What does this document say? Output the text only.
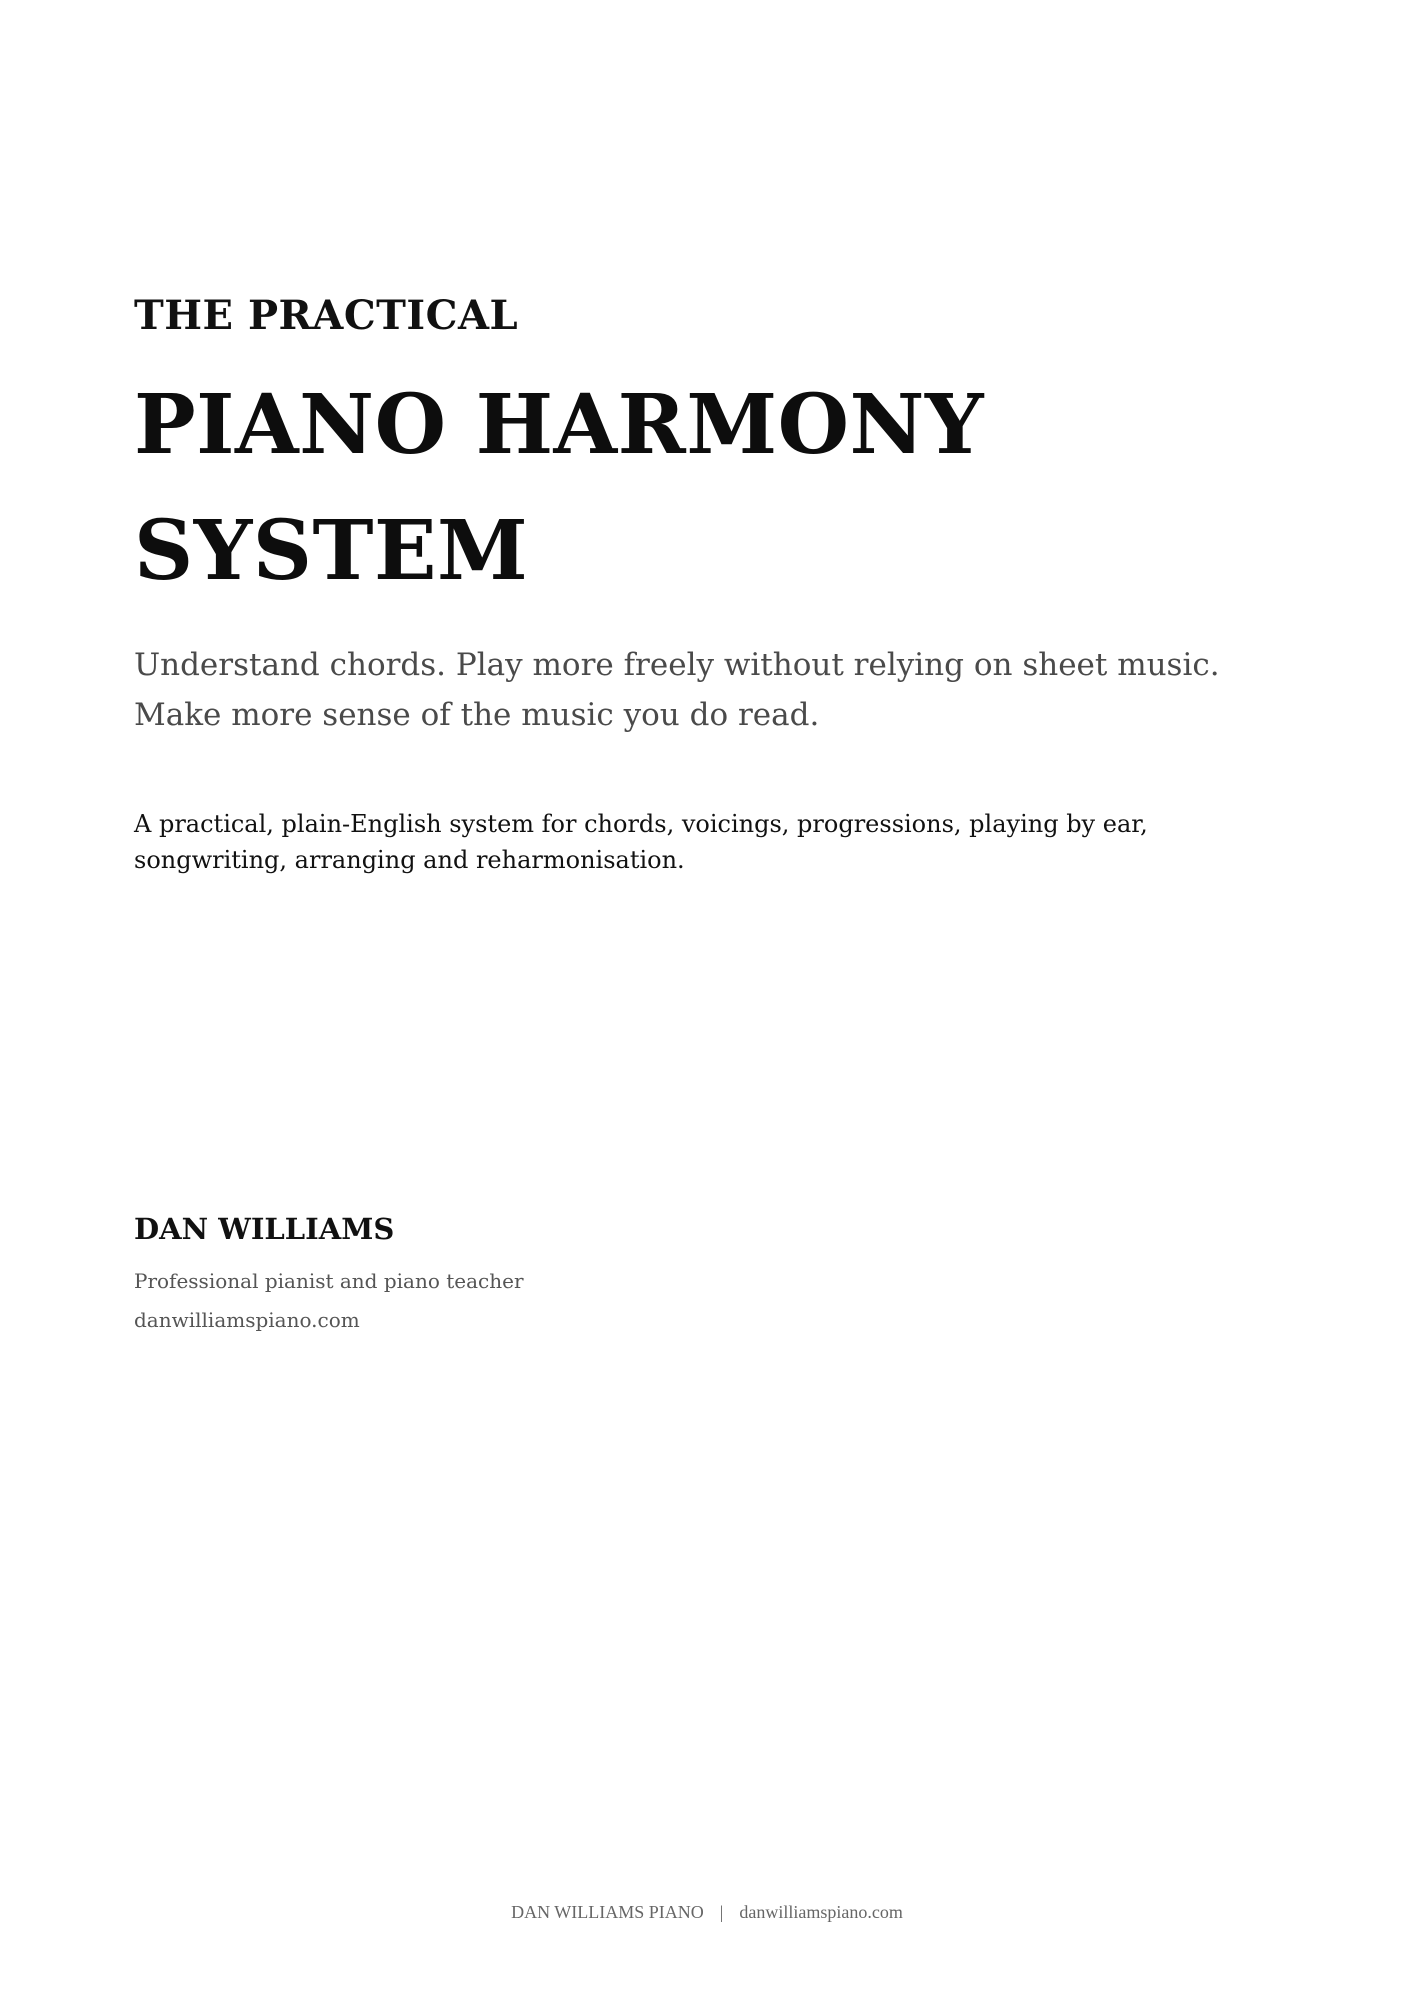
THE PRACTICAL
PIANO HARMONY
SYSTEM

Understand chords. Play more freely without relying on sheet music. Make more sense of the music you do read.

A practical, plain-English system for chords, voicings, progressions, playing by ear, songwriting, arranging and reharmonisation.

DAN WILLIAMS

Professional pianist and piano teacher

danwilliamspiano.com

DAN WILLIAMS PIANO | danwilliamspiano.com
